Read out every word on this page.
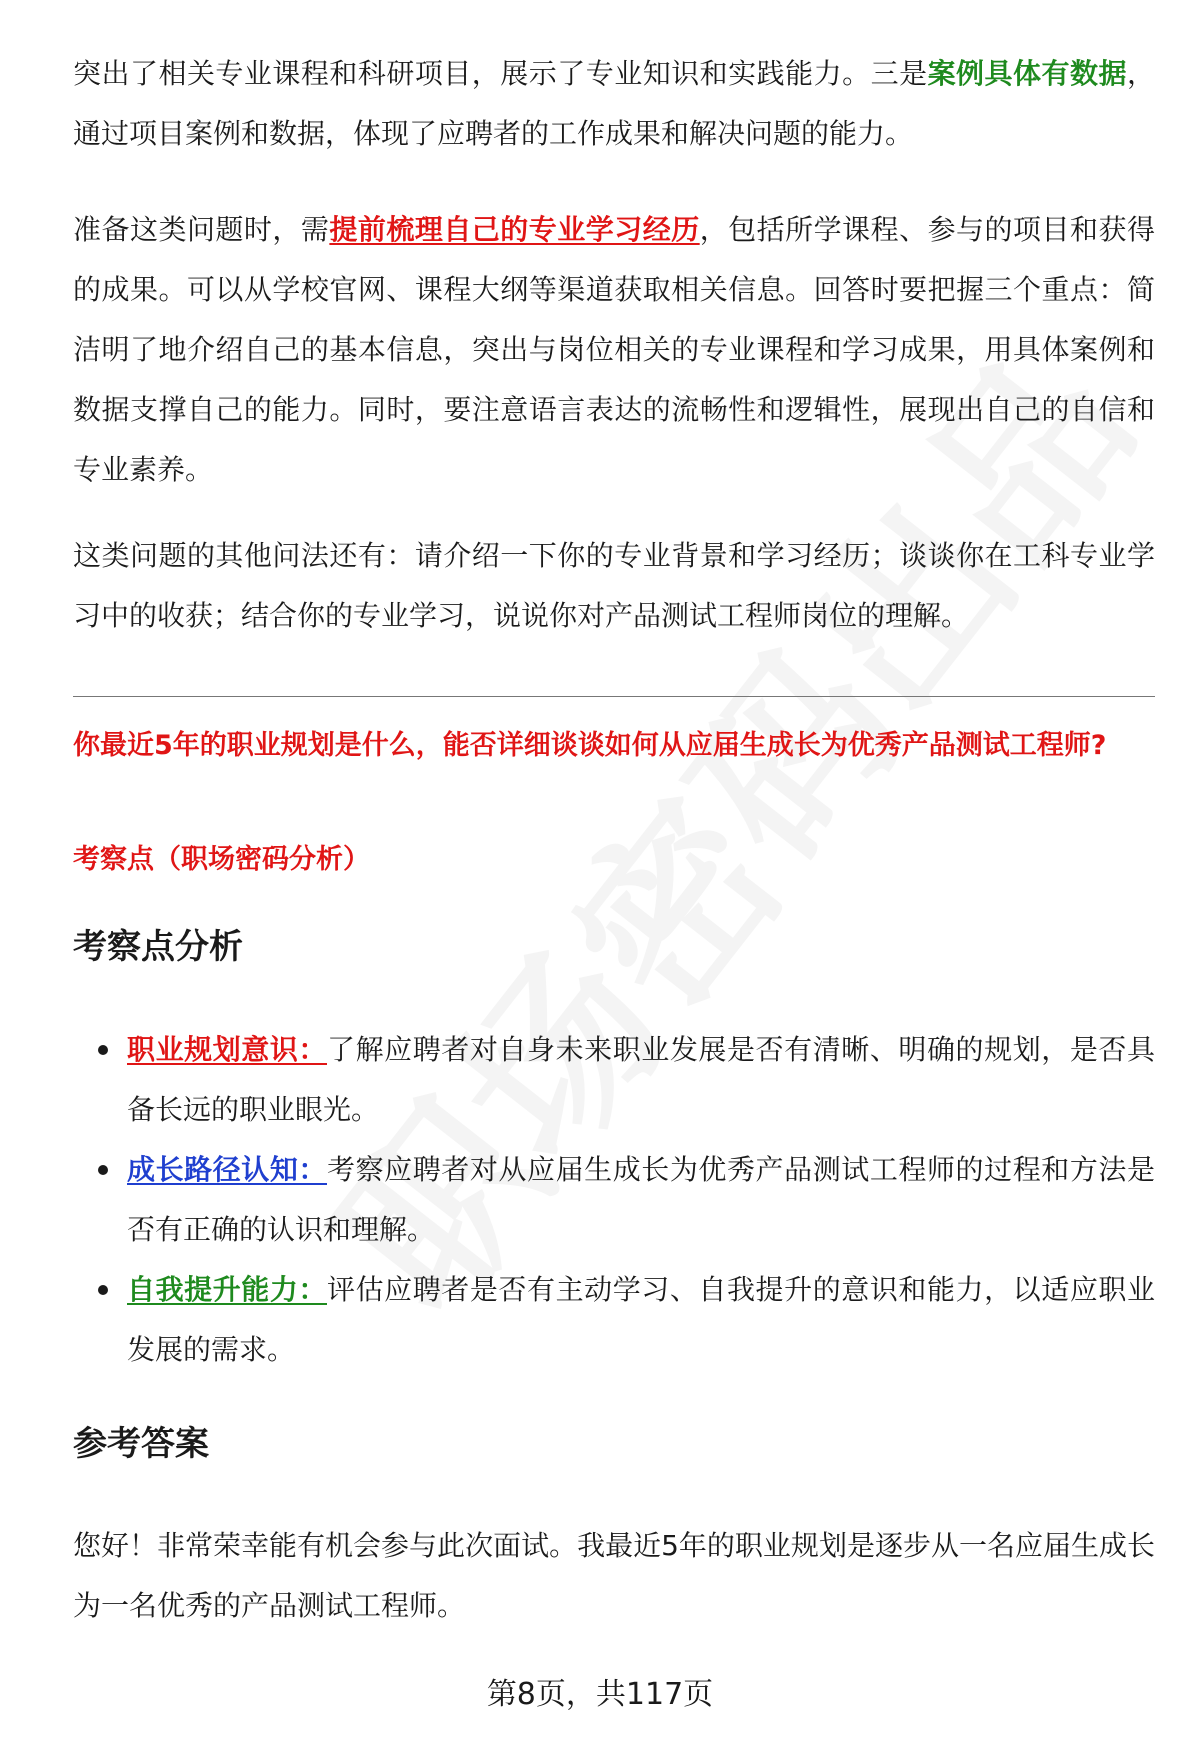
突出了相关专业课程和科研项目，展示了专业知识和实践能力。三是案例具体有数据，通过项目案例和数据，体现了应聘者的工作成果和解决问题的能力。

准备这类问题时，需提前梳理自己的专业学习经历，包括所学课程、参与的项目和获得的成果。可以从学校官网、课程大纲等渠道获取相关信息。回答时要把握三个重点：简洁明了地介绍自己的基本信息，突出与岗位相关的专业课程和学习成果，用具体案例和数据支撑自己的能力。同时，要注意语言表达的流畅性和逻辑性，展现出自己的自信和专业素养。

这类问题的其他问法还有：请介绍一下你的专业背景和学习经历；谈谈你在工科专业学习中的收获；结合你的专业学习，说说你对产品测试工程师岗位的理解。

你最近5年的职业规划是什么，能否详细谈谈如何从应届生成长为优秀产品测试工程师?

考察点（职场密码分析）

考察点分析
职业规划意识：了解应聘者对自身未来职业发展是否有清晰、明确的规划，是否具备长远的职业眼光。
成长路径认知：考察应聘者对从应届生成长为优秀产品测试工程师的过程和方法是否有正确的认识和理解。
自我提升能力：评估应聘者是否有主动学习、自我提升的意识和能力，以适应职业发展的需求。
参考答案

您好！非常荣幸能有机会参与此次面试。我最近5年的职业规划是逐步从一名应届生成长为一名优秀的产品测试工程师。

第8页，共117页
